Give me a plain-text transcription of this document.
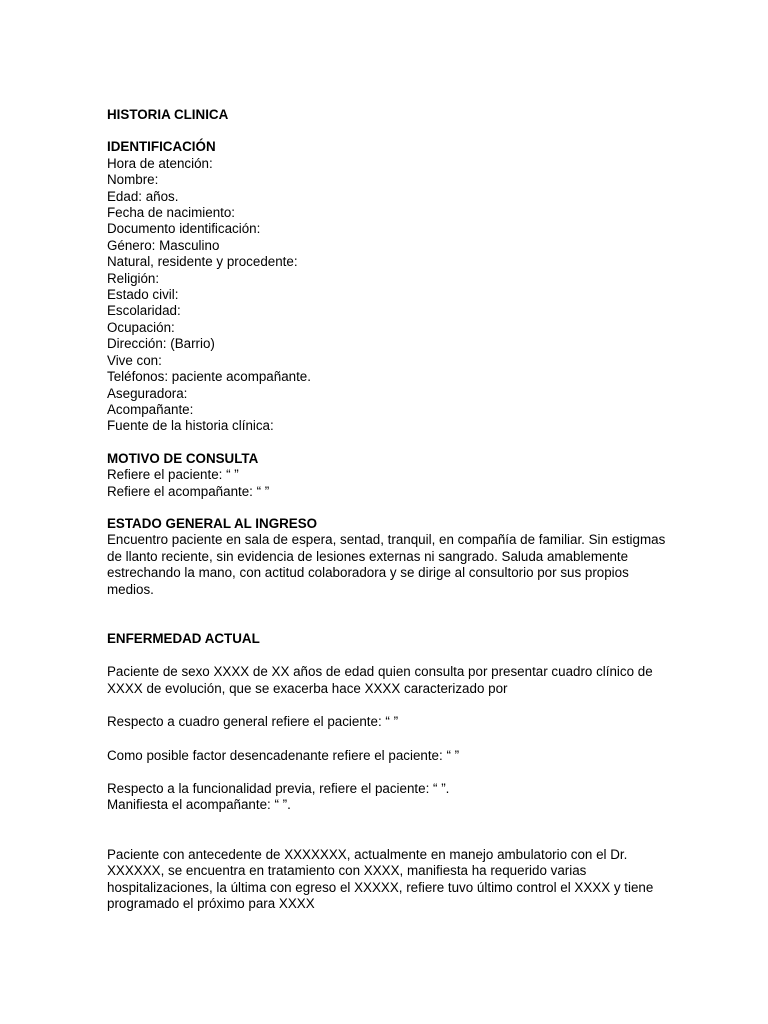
HISTORIA CLINICA
IDENTIFICACIÓN
Hora de atención:
Nombre:
Edad: años.
Fecha de nacimiento:
Documento identificación:
Género: Masculino
Natural, residente y procedente:
Religión:
Estado civil:
Escolaridad:
Ocupación:
Dirección: (Barrio)
Vive con:
Teléfonos: paciente acompañante.
Aseguradora:
Acompañante:
Fuente de la historia clínica:
MOTIVO DE CONSULTA
Refiere el paciente: “ ”
Refiere el acompañante: “ ”
ESTADO GENERAL AL INGRESO
Encuentro paciente en sala de espera, sentad, tranquil, en compañía de familiar. Sin estigmas de llanto reciente, sin evidencia de lesiones externas ni sangrado. Saluda amablemente estrechando la mano, con actitud colaboradora y se dirige al consultorio por sus propios medios.
ENFERMEDAD ACTUAL
Paciente de sexo XXXX de XX años de edad quien consulta por presentar cuadro clínico de XXXX de evolución, que se exacerba hace XXXX caracterizado por
Respecto a cuadro general refiere el paciente: “ ”
Como posible factor desencadenante refiere el paciente: “ ”
Respecto a la funcionalidad previa, refiere el paciente: “ ”.
Manifiesta el acompañante: “ ”.
Paciente con antecedente de XXXXXXX, actualmente en manejo ambulatorio con el Dr. XXXXXX, se encuentra en tratamiento con XXXX, manifiesta ha requerido varias hospitalizaciones, la última con egreso el XXXXX, refiere tuvo último control el XXXX y tiene programado el próximo para XXXX
